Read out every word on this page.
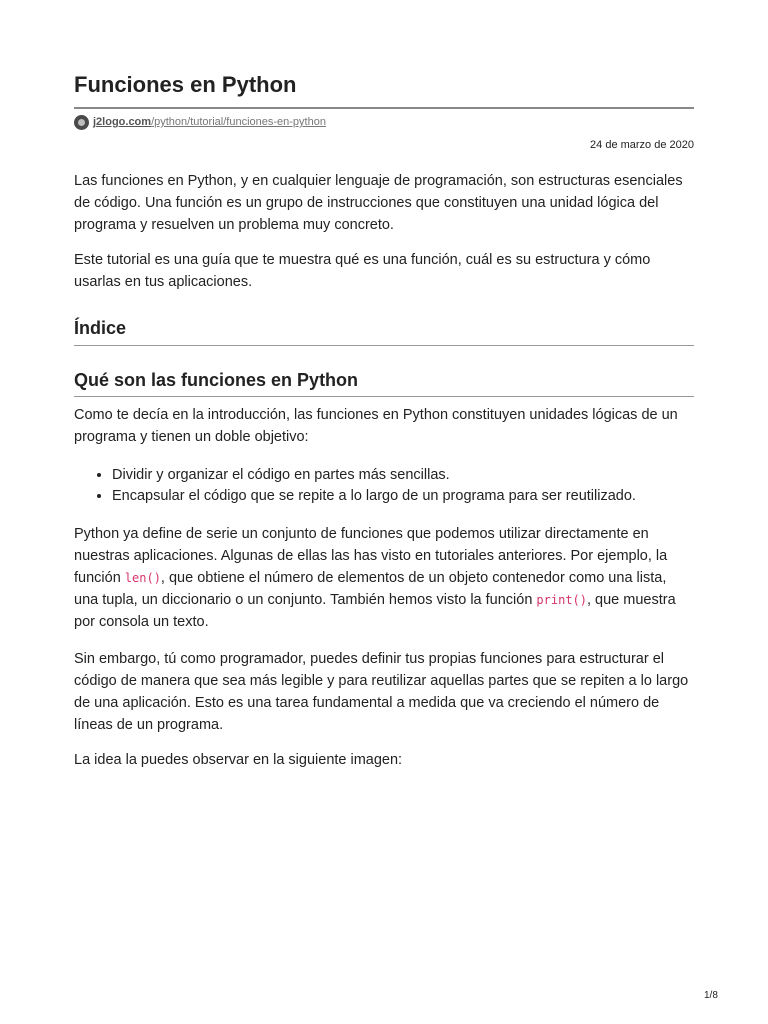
Funciones en Python
j2logo.com /python/tutorial/funciones-en-python
24 de marzo de 2020

Las funciones en Python, y en cualquier lenguaje de programación, son estructuras esenciales de código. Una función es un grupo de instrucciones que constituyen una unidad lógica del programa y resuelven un problema muy concreto.

Este tutorial es una guía que te muestra qué es una función, cuál es su estructura y cómo usarlas en tus aplicaciones.

Índice
Qué son las funciones en Python

Como te decía en la introducción, las funciones en Python constituyen unidades lógicas de un programa y tienen un doble objetivo:

• Dividir y organizar el código en partes más sencillas.
• Encapsular el código que se repite a lo largo de un programa para ser reutilizado.

Python ya define de serie un conjunto de funciones que podemos utilizar directamente en nuestras aplicaciones. Algunas de ellas las has visto en tutoriales anteriores. Por ejemplo, la función len(), que obtiene el número de elementos de un objeto contenedor como una lista, una tupla, un diccionario o un conjunto. También hemos visto la función print(), que muestra por consola un texto.

Sin embargo, tú como programador, puedes definir tus propias funciones para estructurar el código de manera que sea más legible y para reutilizar aquellas partes que se repiten a lo largo de una aplicación. Esto es una tarea fundamental a medida que va creciendo el número de líneas de un programa.

La idea la puedes observar en la siguiente imagen:

1/8
